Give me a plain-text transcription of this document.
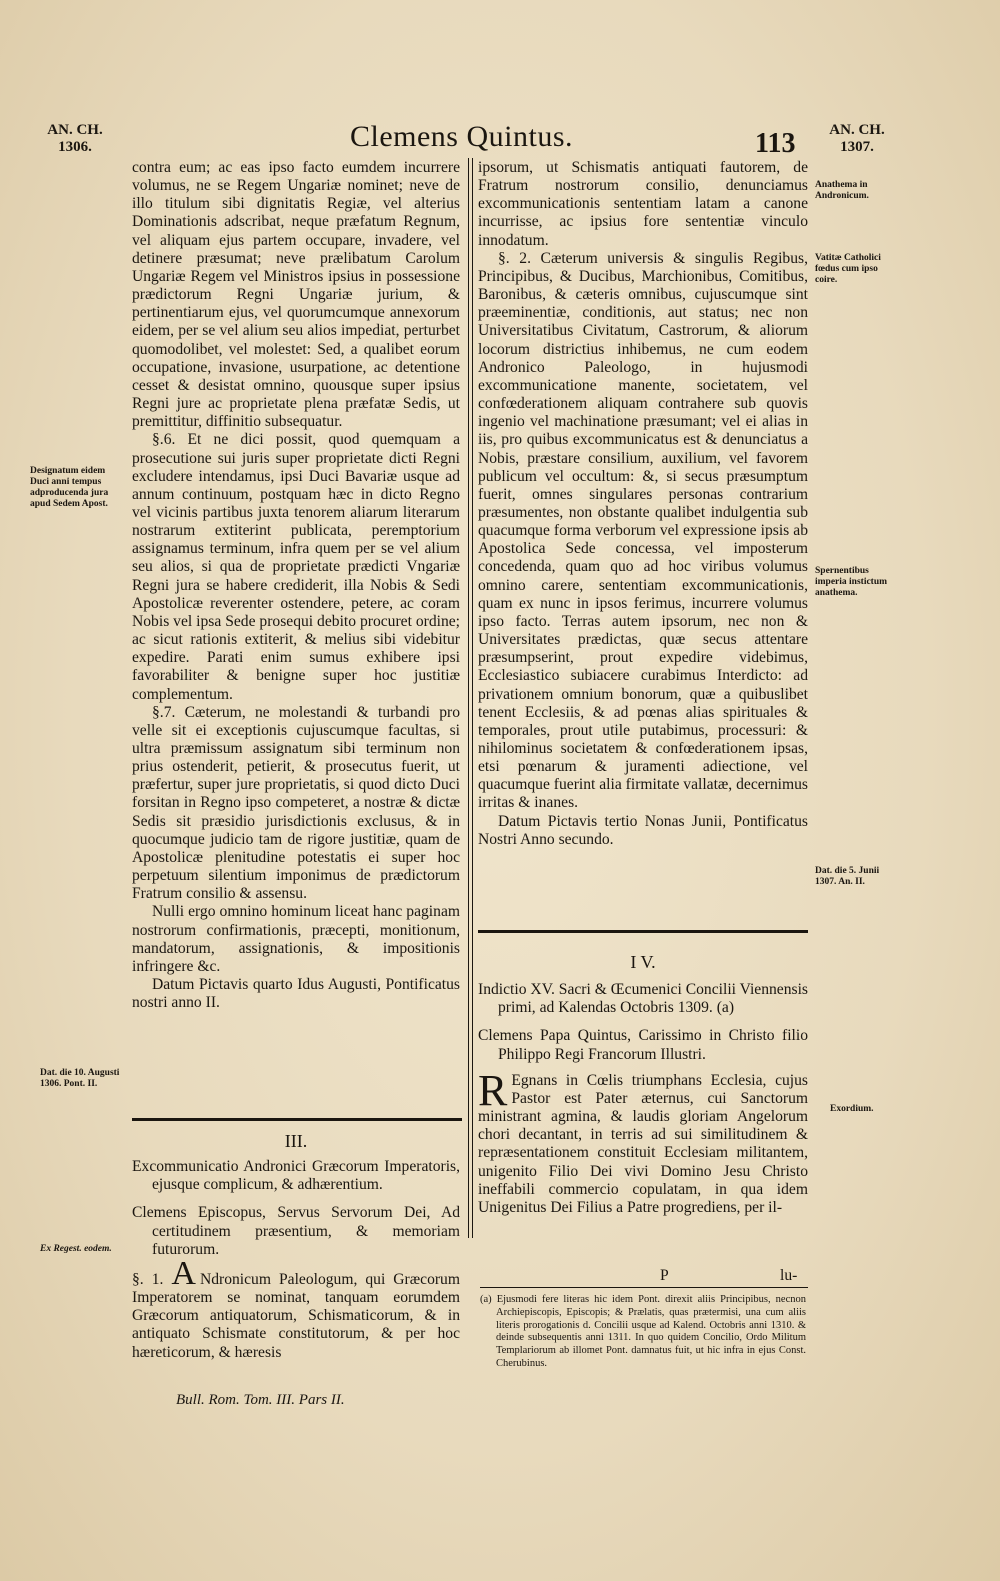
AN. CH.
1306.	Clemens Quintus.	113	AN. CH.
1307.

contra eum; ac eas ipso facto eumdem incurrere volumus, ne se Regem Ungariæ nominet; neve de illo titulum sibi dignitatis Regiæ, vel alterius Dominationis adscribat, neque præfatum Regnum, vel aliquam ejus partem occupare, invadere, vel detinere præsumat; neve prælibatum Carolum Ungariæ Regem vel Ministros ipsius in possessione prædictorum Regni Ungariæ jurium, & pertinentiarum ejus, vel quorumcumque annexorum eidem, per se vel alium seu alios impediat, perturbet quomodolibet, vel molestet: Sed, a qualibet eorum occupatione, invasione, usurpatione, ac detentione cesset & desistat omnino, quousque super ipsius Regni jure ac proprietate plena præfatæ Sedis, ut premittitur, diffinitio subsequatur.

§.6. Et ne dici possit, quod quemquam a prosecutione sui juris super proprietate dicti Regni excludere intendamus, ipsi Duci Bavariæ usque ad annum continuum, postquam hæc in dicto Regno vel vicinis partibus juxta tenorem aliarum literarum nostrarum extiterint publicata, peremptorium assignamus terminum, infra quem per se vel alium seu alios, si qua de proprietate prædicti Vngariæ Regni jura se habere crediderit, illa Nobis & Sedi Apostolicæ reverenter ostendere, petere, ac coram Nobis vel ipsa Sede prosequi debito procuret ordine; ac sicut rationis extiterit, & melius sibi videbitur expedire. Parati enim sumus exhibere ipsi favorabiliter & benigne super hoc justitiæ complementum.

§.7. Cæterum, ne molestandi & turbandi pro velle sit ei exceptionis cujuscumque facultas, si ultra præmissum assignatum sibi terminum non prius ostenderit, petierit, & prosecutus fuerit, ut præfertur, super jure proprietatis, si quod dicto Duci forsitan in Regno ipso competeret, a nostræ & dictæ Sedis sit præsidio jurisdictionis exclusus, & in quocumque judicio tam de rigore justitiæ, quam de Apostolicæ plenitudine potestatis ei super hoc perpetuum silentium imponimus de prædictorum Fratrum consilio & assensu.

Nulli ergo omnino hominum liceat hanc paginam nostrorum confirmationis, præcepti, monitionum, mandatorum, assignationis, & impositionis infringere &c.

Datum Pictavis quarto Idus Augusti, Pontificatus nostri anno II.

III.

Excommunicatio Andronici Græcorum Imperatoris, ejusque complicum, & adhærentium.

Clemens Episcopus, Servus Servorum Dei, Ad certitudinem præsentium, & memoriam futurorum.

§. 1. A Ndronicum Paleologum, qui Græcorum Imperatorem se nominat, tanquam eorumdem Græcorum antiquatorum, Schismaticorum, & in antiquato Schismate constitutorum, & per hoc hæreticorum, & hæresis

Bull. Rom. Tom. III. Pars II.

ipsorum, ut Schismatis antiquati fautorem, de Fratrum nostrorum consilio, denunciamus excommunicationis sententiam latam a canone incurrisse, ac ipsius fore sententiæ vinculo innodatum.

§. 2. Cæterum universis & singulis Regibus, Principibus, & Ducibus, Marchionibus, Comitibus, Baronibus, & cæteris omnibus, cujuscumque sint præeminentiæ, conditionis, aut status; nec non Universitatibus Civitatum, Castrorum, & aliorum locorum districtius inhibemus, ne cum eodem Andronico Paleologo, in hujusmodi excommunicatione manente, societatem, vel confœderationem aliquam contrahere sub quovis ingenio vel machinatione præsumant; vel ei alias in iis, pro quibus excommunicatus est & denunciatus a Nobis, præstare consilium, auxilium, vel favorem publicum vel occultum: &, si secus præsumptum fuerit, omnes singulares personas contrarium præsumentes, non obstante qualibet indulgentia sub quacumque forma verborum vel expressione ipsis ab Apostolica Sede concessa, vel imposterum concedenda, quam quo ad hoc viribus volumus omnino carere, sententiam excommunicationis, quam ex nunc in ipsos ferimus, incurrere volumus ipso facto. Terras autem ipsorum, nec non & Universitates prædictas, quæ secus attentare præsumpserint, prout expedire videbimus, Ecclesiastico subiacere curabimus Interdicto: ad privationem omnium bonorum, quæ a quibuslibet tenent Ecclesiis, & ad pœnas alias spirituales & temporales, prout utile putabimus, processuri: & nihilominus societatem & confœderationem ipsas, etsi pœnarum & juramenti adiectione, vel quacumque fuerint alia firmitate vallatæ, decernimus irritas & inanes.

Datum Pictavis tertio Nonas Junii, Pontificatus Nostri Anno secundo.

I V.

Indictio XV. Sacri & Œcumenici Concilii Viennensis primi, ad Kalendas Octobris 1309. (a)

Clemens Papa Quintus, Carissimo in Christo filio Philippo Regi Francorum Illustri.

R Egnans in Cœlis triumphans Ecclesia, cujus Pastor est Pater æternus, cui Sanctorum ministrant agmina, & laudis gloriam Angelorum chori decantant, in terris ad sui similitudinem & repræsentationem constituit Ecclesiam militantem, unigenito Filio Dei vivi Domino Jesu Christo ineffabili commercio copulatam, in qua idem Unigenitus Dei Filius a Patre progrediens, per il-

P	lu-

(a) Ejusmodi fere literas hic idem Pont. direxit aliis Principibus, necnon Archiepiscopis, Episcopis; & Prælatis, quas prætermisi, una cum aliis literis prorogationis d. Concilii usque ad Kalend. Octobris anni 1310. & deinde subsequentis anni 1311. In quo quidem Concilio, Ordo Militum Templariorum ab illomet Pont. damnatus fuit, ut hic infra in ejus Const. Cherubinus.

Designatum eidem Duci anni tempus adproducenda jura apud Sedem Apost.
Dat. die 10. Augusti 1306. Pont. II.
Ex Regest. eodem.
Anathema in Andronicum.
Vatitæ Catholici fœdus cum ipso coire.
Spernentibus imperia instictum anathema.
Dat. die 5. Junii 1307. An. II.
Exordium.
